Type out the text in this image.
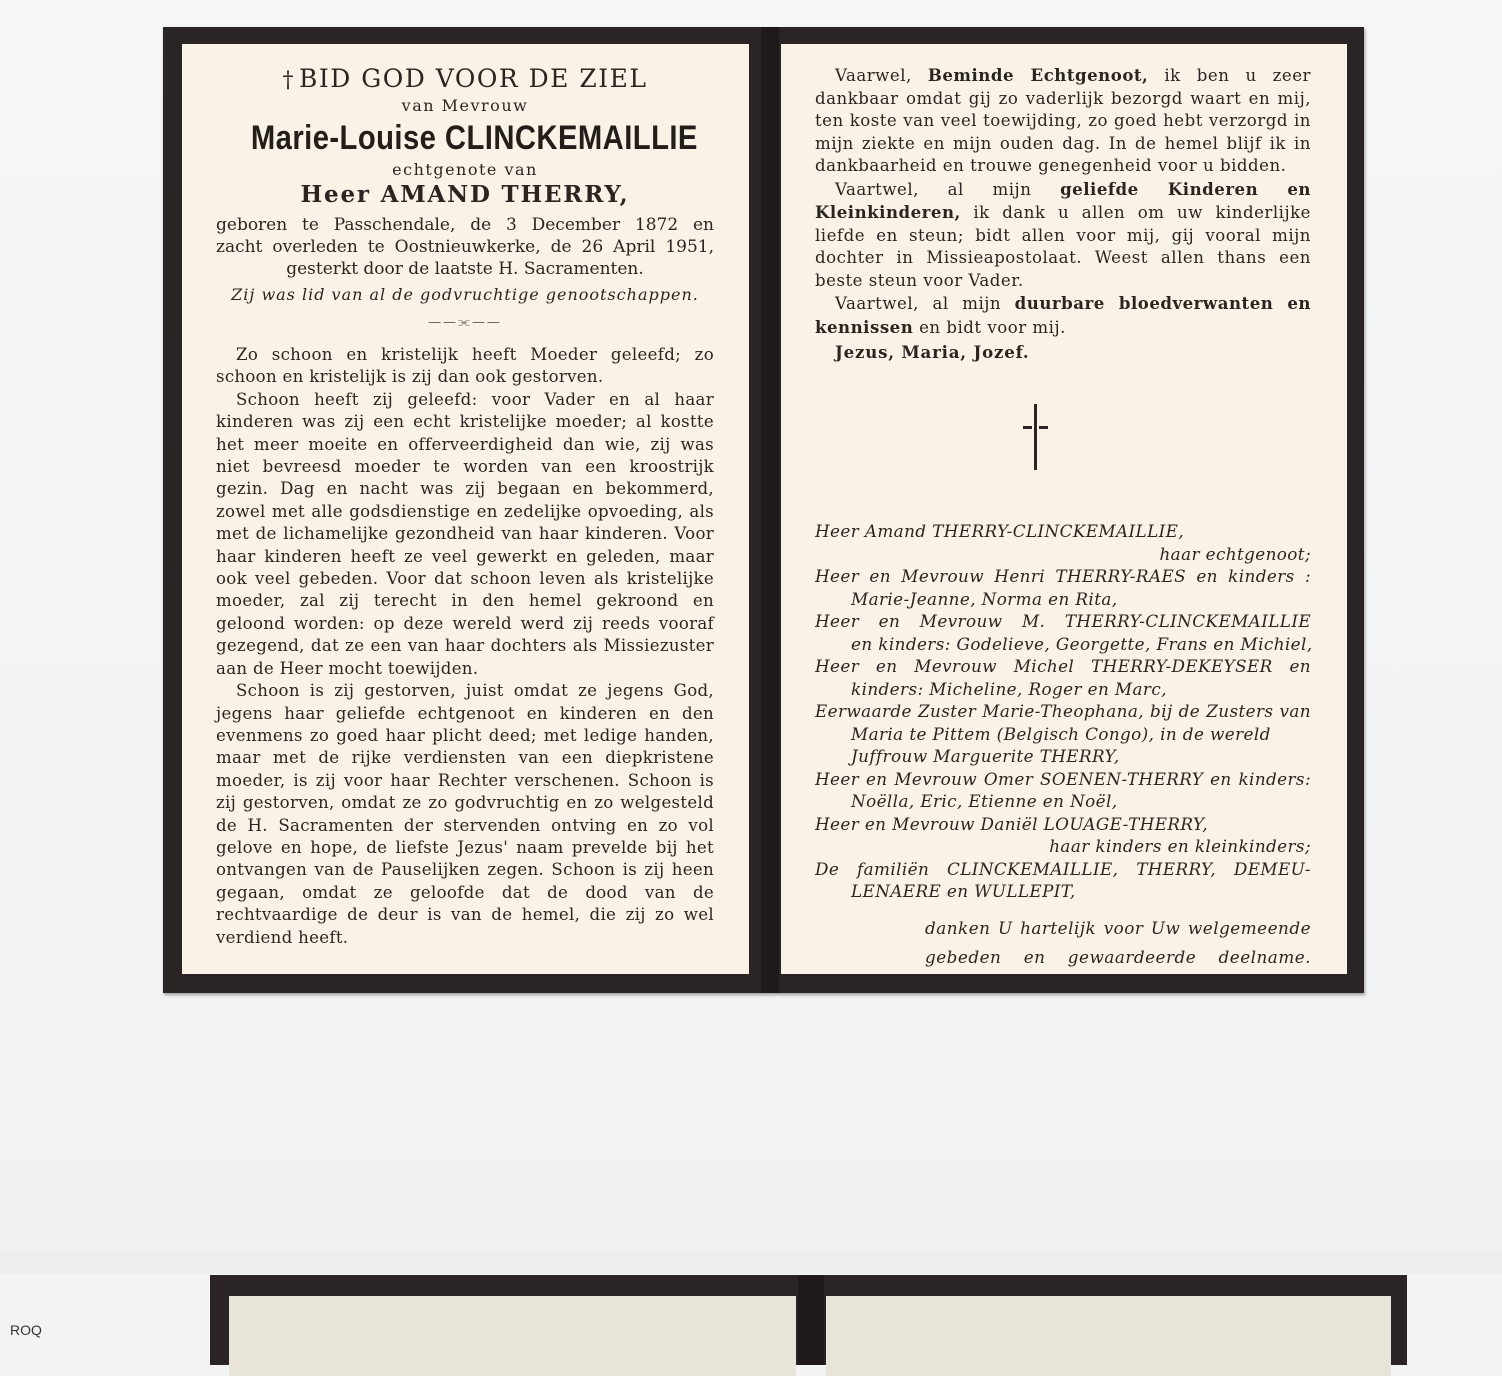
† BID GOD VOOR DE ZIEL
van Mevrouw
Marie-Louise CLINCKEMAILLIE
echtgenote van
Heer AMAND THERRY,
geboren te Passchendale, de 3 December 1872 en
zacht overleden te Oostnieuwkerke, de 26 April 1951,
gesterkt door de laatste H. Sacramenten.
Zij was lid van al de godvruchtige genootschappen.
——⫘——

Zo schoon en kristelijk heeft Moeder geleefd; zo schoon en kristelijk is zij dan ook gestorven.

Schoon heeft zij geleefd: voor Vader en al haar kinderen was zij een echt kristelijke moeder; al kostte het meer moeite en offerveerdigheid dan wie, zij was niet bevreesd moeder te worden van een kroostrijk gezin. Dag en nacht was zij begaan en bekommerd, zowel met alle godsdienstige en zedelijke opvoeding, als met de lichamelijke gezondheid van haar kinderen. Voor haar kinderen heeft ze veel gewerkt en geleden, maar ook veel gebeden. Voor dat schoon leven als kristelijke moeder, zal zij terecht in den hemel gekroond en geloond worden: op deze wereld werd zij reeds vooraf gezegend, dat ze een van haar dochters als Missiezuster aan de Heer mocht toewijden.

Schoon is zij gestorven, juist omdat ze jegens God, jegens haar geliefde echtgenoot en kinderen en den evenmens zo goed haar plicht deed; met ledige handen, maar met de rijke verdiensten van een diepkristene moeder, is zij voor haar Rechter verschenen. Schoon is zij gestorven, omdat ze zo godvruchtig en zo welgesteld de H. Sacramenten der stervenden ontving en zo vol gelove en hope, de liefste Jezus' naam prevelde bij het ontvangen van de Pauselijken zegen. Schoon is zij heen gegaan, omdat ze geloofde dat de dood van de rechtvaardige de deur is van de hemel, die zij zo wel verdiend heeft.

Vaarwel, Beminde Echtgenoot, ik ben u zeer dankbaar omdat gij zo vaderlijk bezorgd waart en mij, ten koste van veel toewijding, zo goed hebt verzorgd in mijn ziekte en mijn ouden dag. In de hemel blijf ik in dankbaarheid en trouwe genegenheid voor u bidden.

Vaartwel, al mijn geliefde Kinderen en Kleinkinderen, ik dank u allen om uw kinderlijke liefde en steun; bidt allen voor mij, gij vooral mijn dochter in Missieapostolaat. Weest allen thans een beste steun voor Vader.

Vaartwel, al mijn duurbare bloedverwanten en kennissen en bidt voor mij.

Jezus, Maria, Jozef.
Heer Amand THERRY-CLINCKEMAILLIE,
haar echtgenoot;
Heer en Mevrouw Henri THERRY-RAES en kinders :
Marie-Jeanne, Norma en Rita,
Heer en Mevrouw M. THERRY-CLINCKEMAILLIE
en kinders: Godelieve, Georgette, Frans en Michiel,
Heer en Mevrouw Michel THERRY-DEKEYSER en
kinders: Micheline, Roger en Marc,
Eerwaarde Zuster Marie-Theophana, bij de Zusters van
Maria te Pittem (Belgisch Congo), in de wereld
Juffrouw Marguerite THERRY,
Heer en Mevrouw Omer SOENEN-THERRY en kinders:
Noëlla, Eric, Etienne en Noël,
Heer en Mevrouw Daniël LOUAGE-THERRY,
haar kinders en kleinkinders;
De familiën CLINCKEMAILLIE, THERRY, DEMEU-
LENAERE en WULLEPIT,
danken U hartelijk voor Uw welgemeende
gebeden en gewaardeerde deelname.
ROQ
